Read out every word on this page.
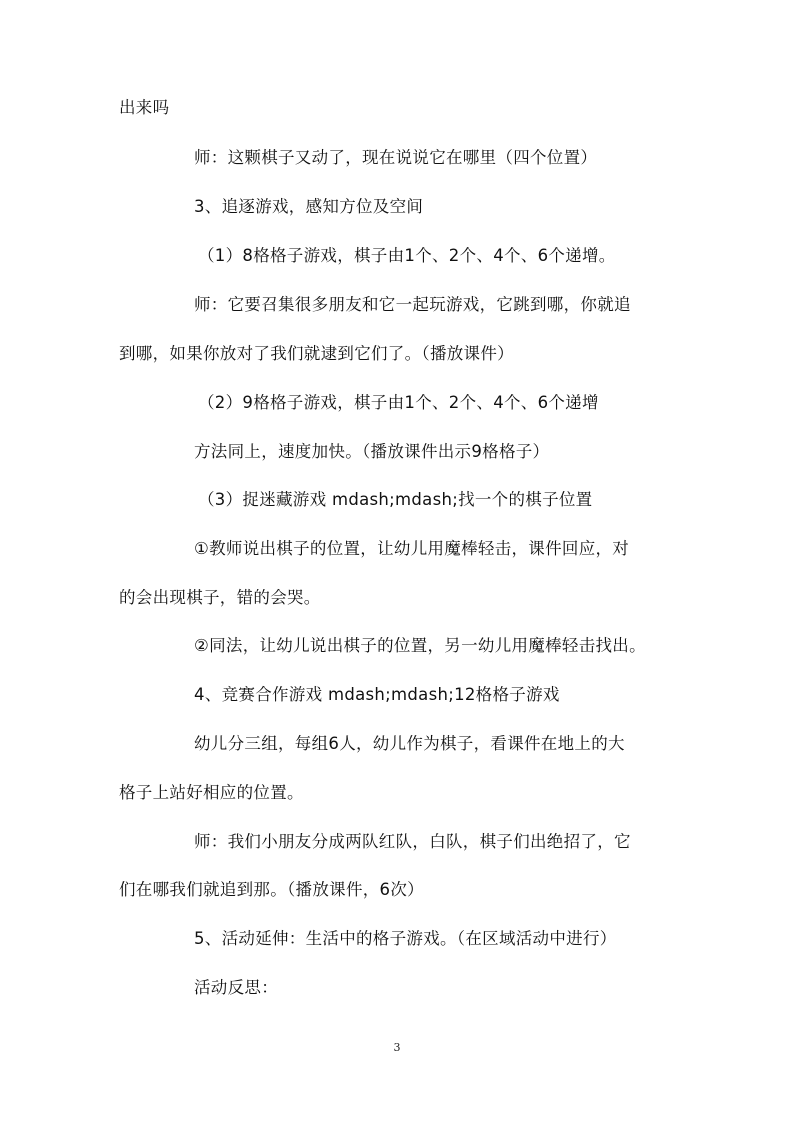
出来吗
师：这颗棋子又动了，现在说说它在哪里（四个位置）
3、追逐游戏，感知方位及空间
（1）8格格子游戏，棋子由1个、2个、4个、6个递增。
师：它要召集很多朋友和它一起玩游戏，它跳到哪，你就追
到哪，如果你放对了我们就逮到它们了。（播放课件）
（2）9格格子游戏，棋子由1个、2个、4个、6个递增
方法同上，速度加快。（播放课件出示9格格子）
（3）捉迷藏游戏 mdash;mdash;找一个的棋子位置
①教师说出棋子的位置，让幼儿用魔棒轻击，课件回应，对
的会出现棋子，错的会哭。
②同法，让幼儿说出棋子的位置，另一幼儿用魔棒轻击找出。
4、竞赛合作游戏 mdash;mdash;12格格子游戏
幼儿分三组，每组6人，幼儿作为棋子，看课件在地上的大
格子上站好相应的位置。
师：我们小朋友分成两队红队，白队，棋子们出绝招了，它
们在哪我们就追到那。（播放课件，6次）
5、活动延伸：生活中的格子游戏。（在区域活动中进行）
活动反思：
3
